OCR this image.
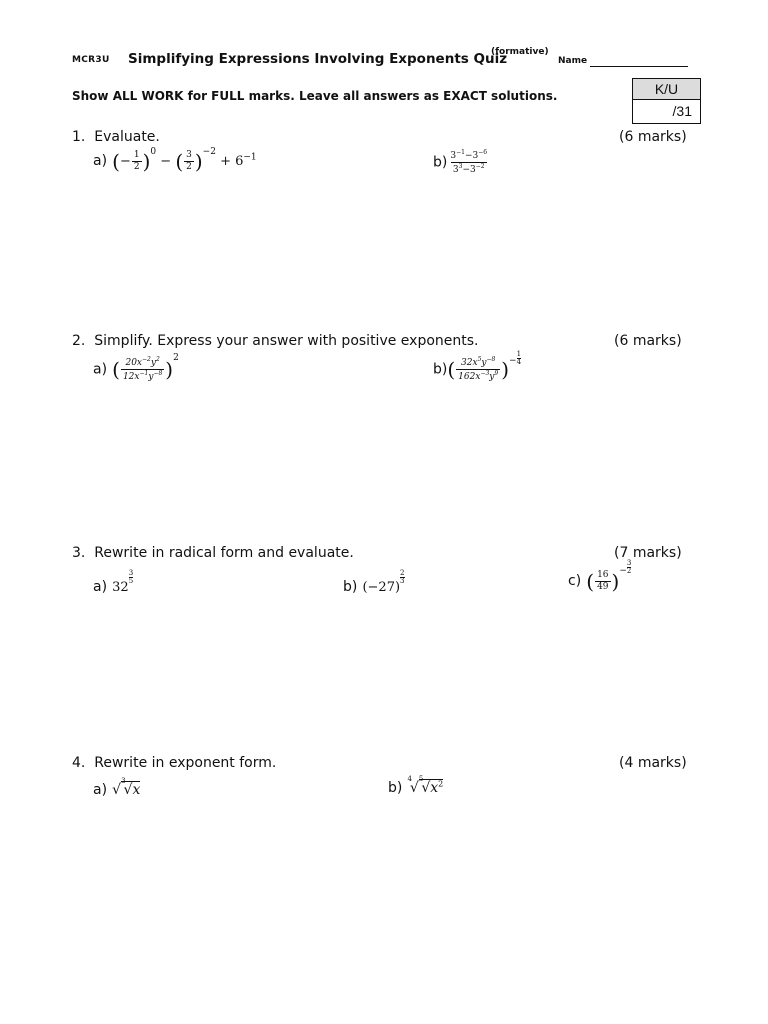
MCR3U Simplifying Expressions Involving Exponents Quiz
(formative)
Name
Show ALL WORK for FULL marks. Leave all answers as EXACT solutions.	K/U
/31
1. Evaluate.	(6 marks)
a) (− $\frac{1}{2} )^0$ − ( $\frac{3}{2} )^{-2} + 6^{-1}$	$b) \frac{3^{-1}-3^{-6}}{3^3-3^{-2}}$
2. Simplify. Express your answer with positive exponents.	(6 marks)
a) ( $\frac{20x^{-2}y^2}{12x^{-1}y^{-8}} )^2$
$b)( \frac{32x^5y^{-8}}{162x^{-3}y^9} )^- \frac{1}{4}$
3. Rewrite in radical form and evaluate.	(7 marks)
a) 32
$\frac{3}{5}$
b) (−27)
$\frac{2}{3}$	c) ( $\frac{16}{49} )^- \frac{3}{2}$
4. Rewrite in exponent form.	(4 marks)
a) √$^3$√x	b) $^4√^5√x^2$
